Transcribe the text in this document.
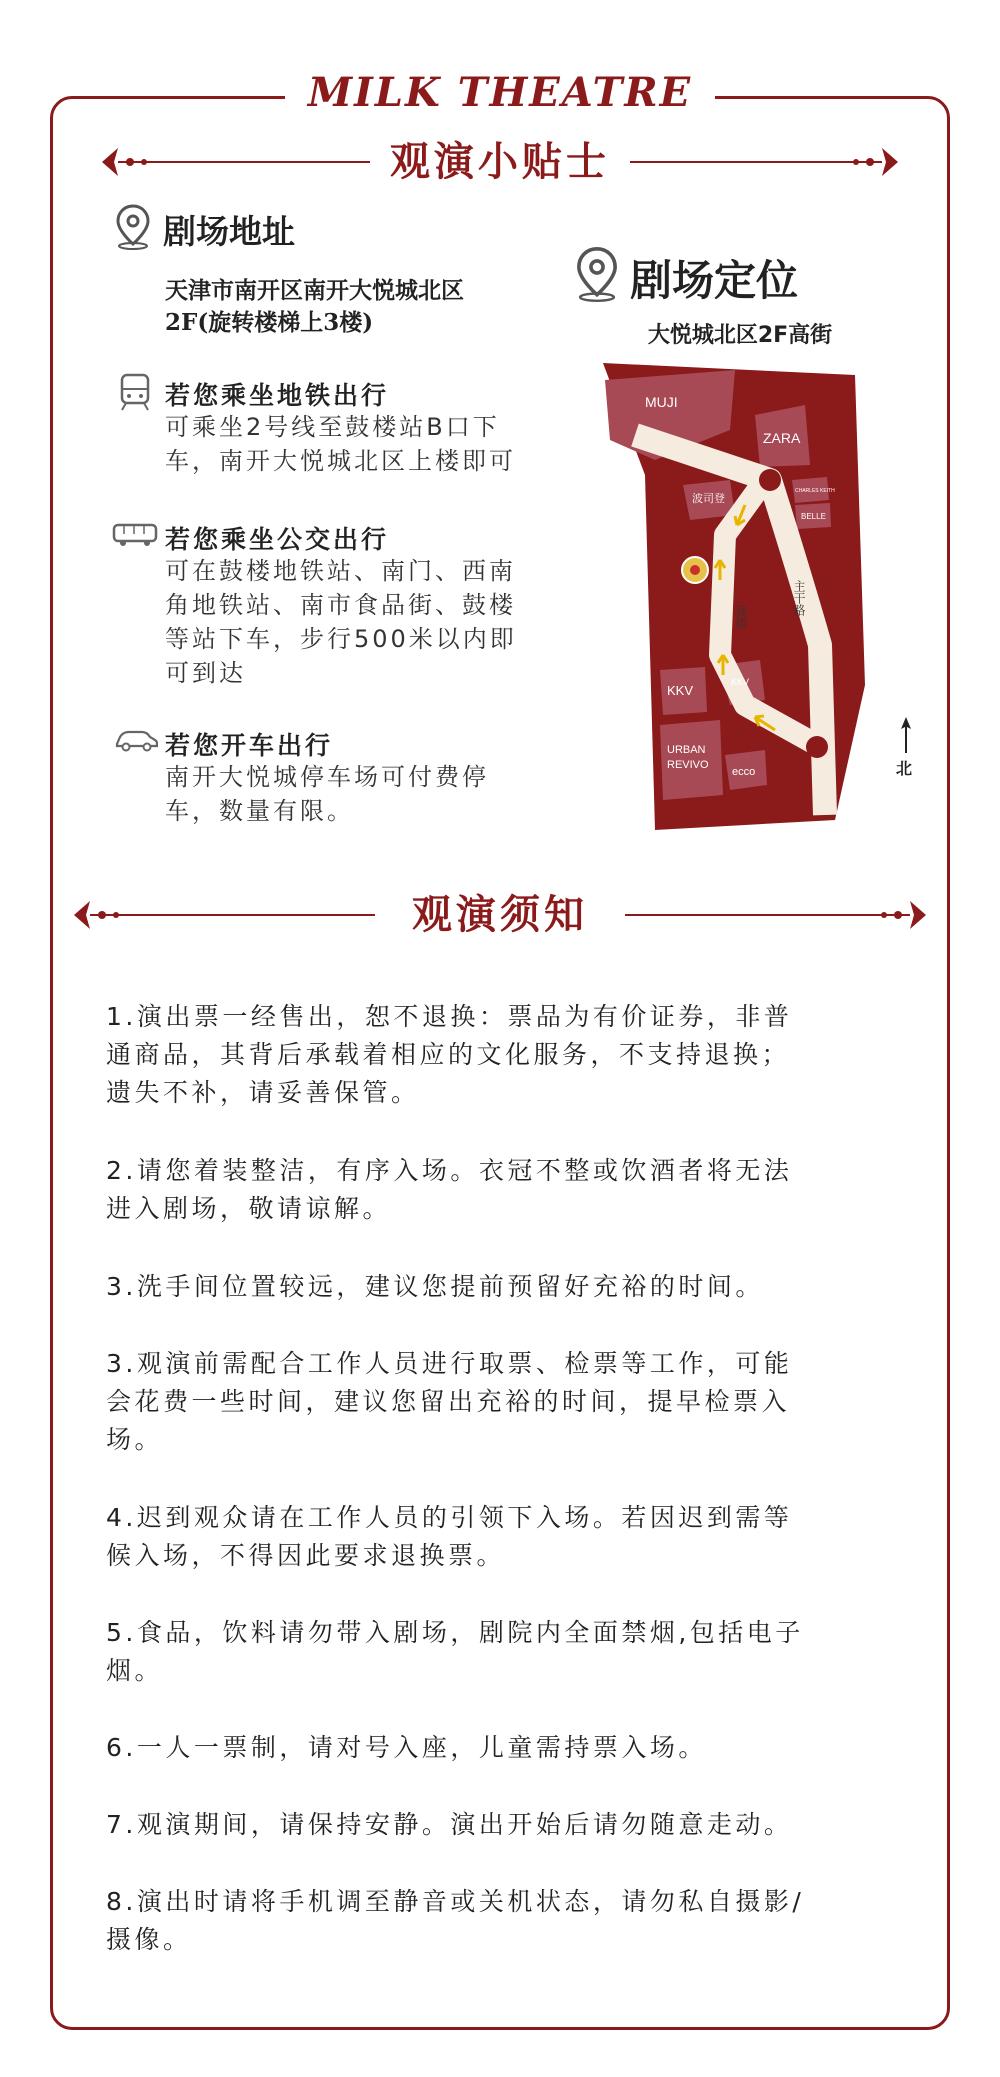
MILK THEATRE
观演小贴士
剧场地址
天津市南开区南开大悦城北区
2F(旋转楼梯上3楼)
剧场定位
大悦城北区2F高街
若您乘坐地铁出行
可乘坐2号线至鼓楼站B口下
车，南开大悦城北区上楼即可
若您乘坐公交出行
可在鼓楼地铁站、南门、西南
角地铁站、南市食品街、鼓楼
等站下车，步行500米以内即
可到达
若您开车出行
南开大悦城停车场可付费停
车，数量有限。
MUJI
ZARA
波司登
CHARLES KEITH
BELLE
KKV
KKV
URBAN
REVIVO
ecco
高街
主干路
北
观演须知
1.演出票一经售出，恕不退换：票品为有价证券，非普
通商品，其背后承载着相应的文化服务，不支持退换；
遗失不补，请妥善保管。
2.请您着装整洁，有序入场。衣冠不整或饮酒者将无法
进入剧场，敬请谅解。
3.洗手间位置较远，建议您提前预留好充裕的时间。
3.观演前需配合工作人员进行取票、检票等工作，可能
会花费一些时间，建议您留出充裕的时间，提早检票入
场。
4.迟到观众请在工作人员的引领下入场。若因迟到需等
候入场，不得因此要求退换票。
5.食品，饮料请勿带入剧场，剧院内全面禁烟,包括电子
烟。
6.一人一票制，请对号入座，儿童需持票入场。
7.观演期间，请保持安静。演出开始后请勿随意走动。
8.演出时请将手机调至静音或关机状态，请勿私自摄影/
摄像。
